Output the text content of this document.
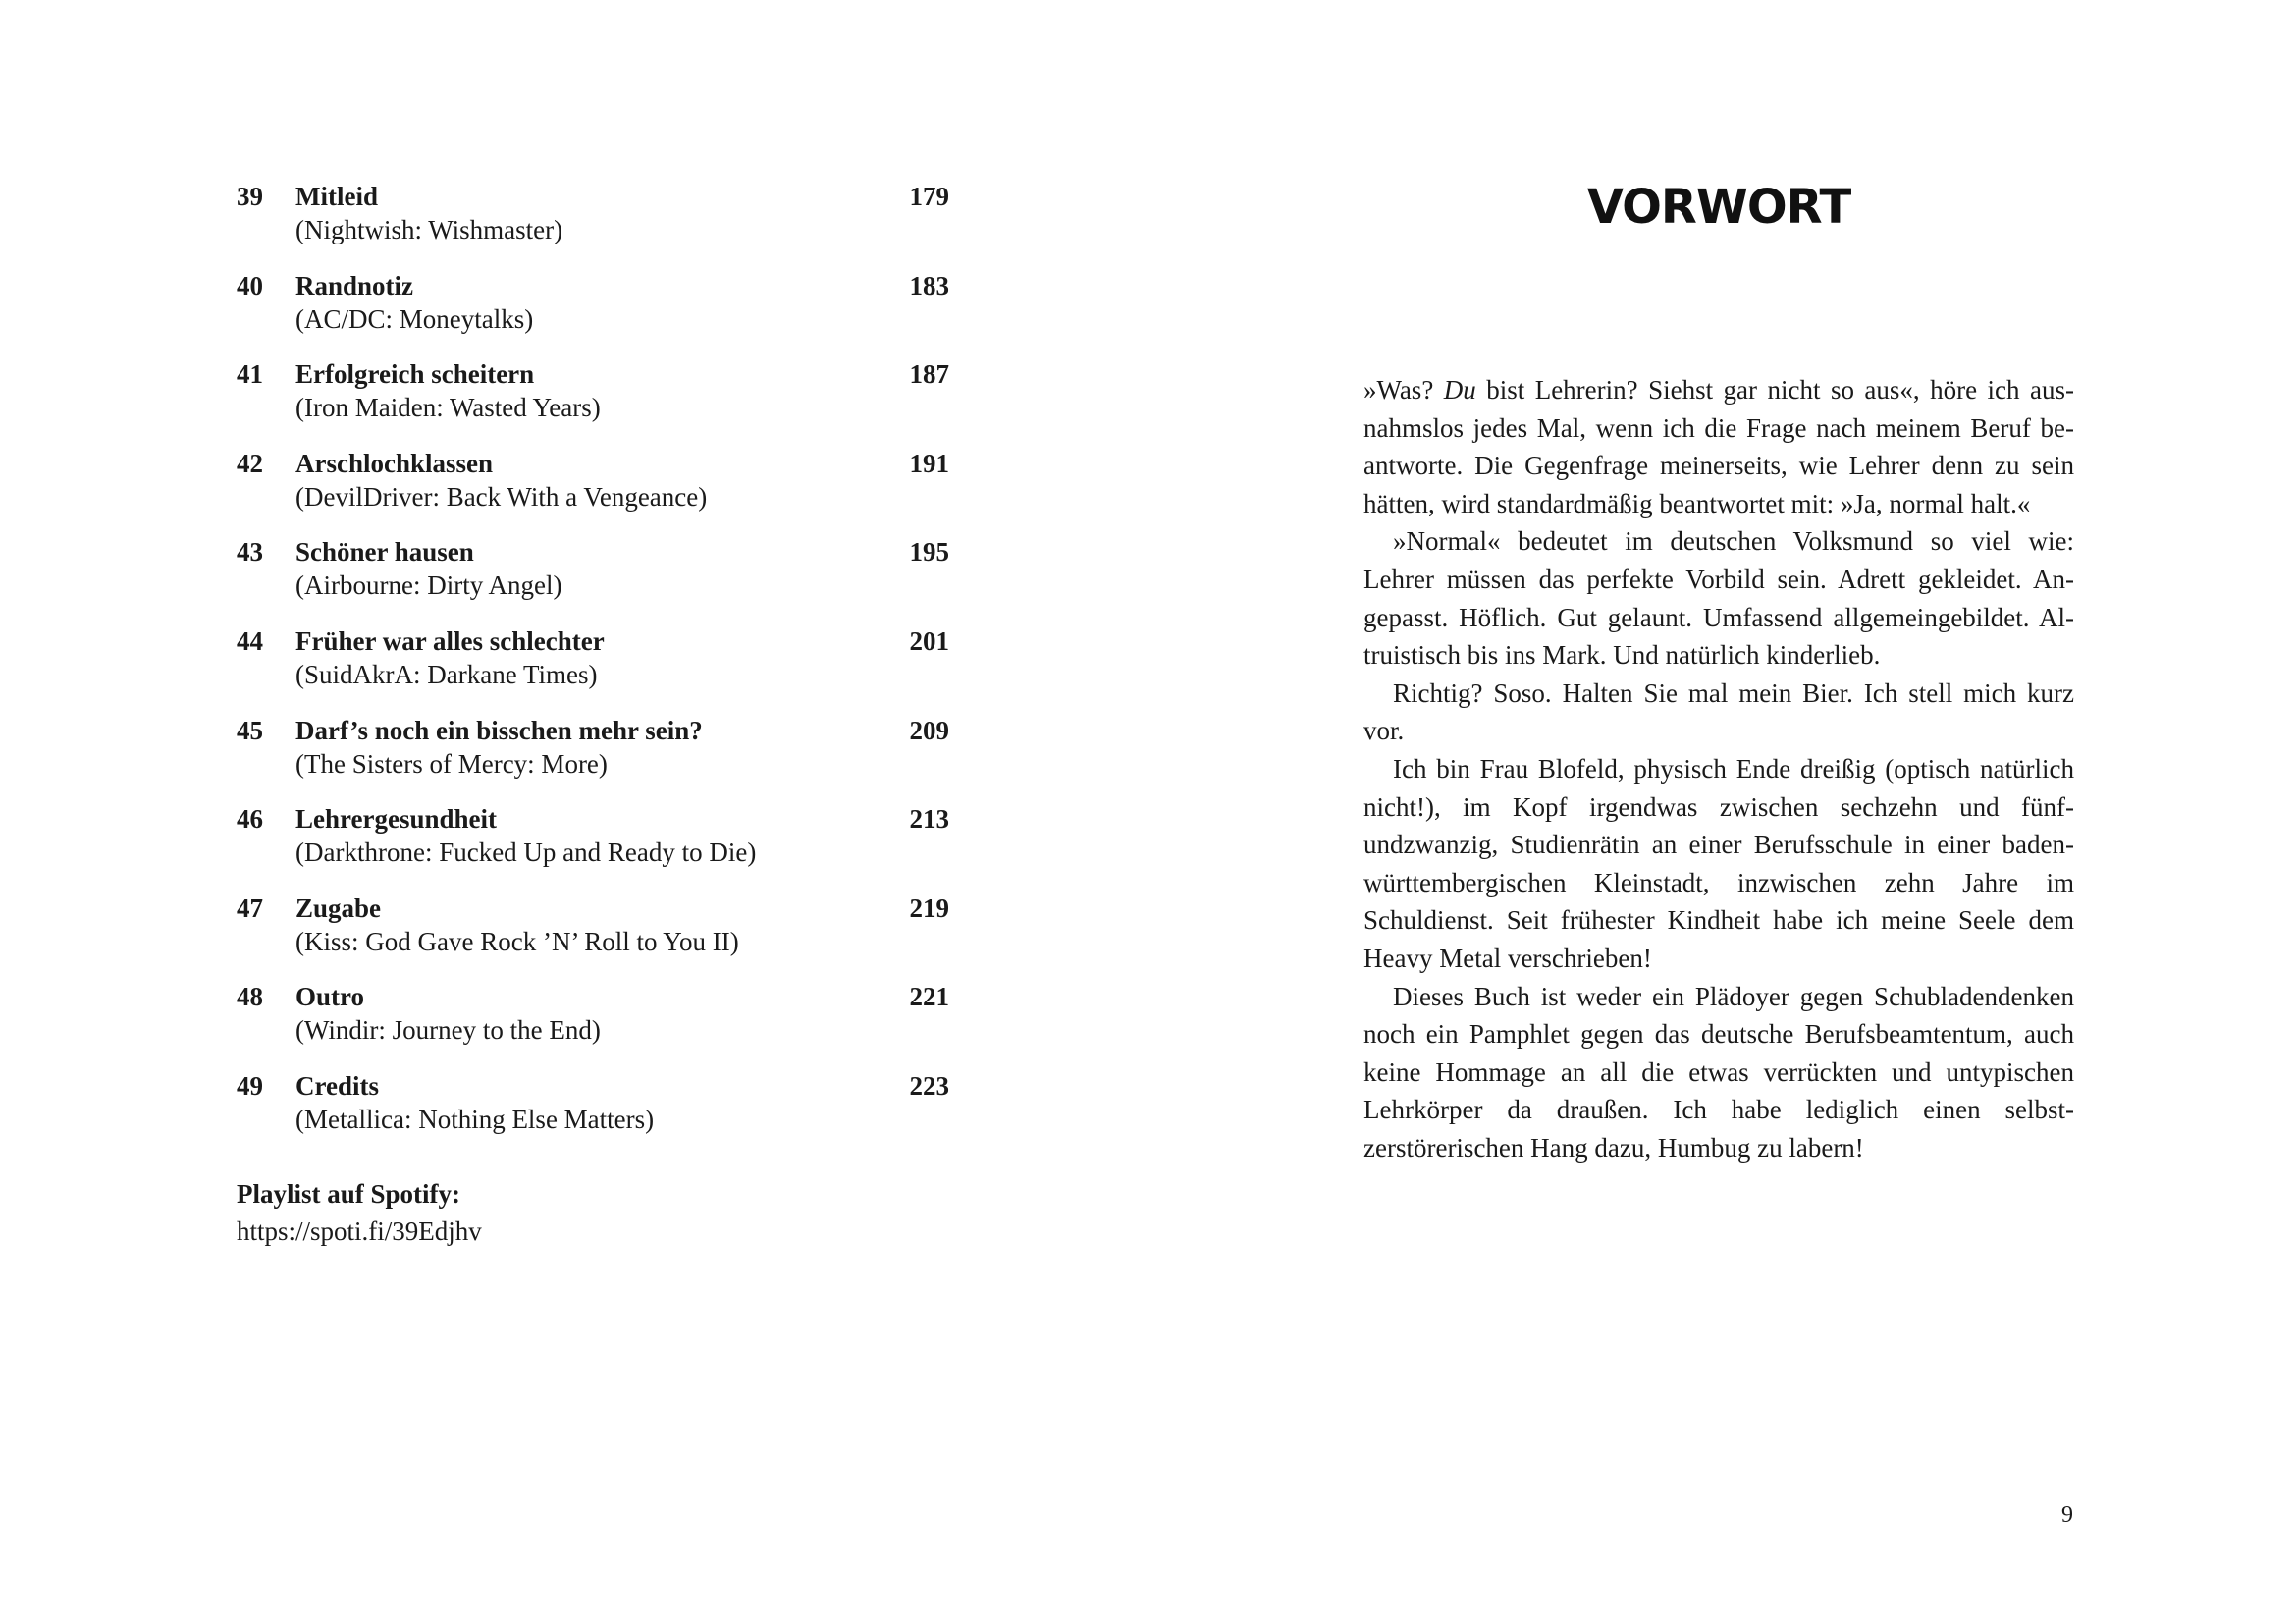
39 Mitleid	179
(Nightwish: Wishmaster)
40 Randnotiz	183
(AC/DC: Moneytalks)
41 Erfolgreich scheitern	187
(Iron Maiden: Wasted Years)
42 Arschlochklassen	191
(DevilDriver: Back With a Vengeance)
43 Schöner hausen	195
(Airbourne: Dirty Angel)
44 Früher war alles schlechter	201
(SuidAkrA: Darkane Times)
45 Darf’s noch ein bisschen mehr sein?	209
(The Sisters of Mercy: More)
46 Lehrergesundheit	213
(Darkthrone: Fucked Up and Ready to Die)
47 Zugabe	219
(Kiss: God Gave Rock ’N’ Roll to You II)
48 Outro	221
(Windir: Journey to the End)
49 Credits	223
(Metallica: Nothing Else Matters)
Playlist auf Spotify:
https://spoti.fi/39Edjhv
VORWORT

»Was? Du bist Lehrerin? Siehst gar nicht so aus«, höre ich ausnahmslos jedes Mal, wenn ich die Frage nach meinem Beruf beantworte. Die Gegenfrage meinerseits, wie Lehrer denn zu sein hätten, wird standardmäßig beantwortet mit: »Ja, normal halt.«

»Normal« bedeutet im deutschen Volksmund so viel wie: Lehrer müssen das perfekte Vorbild sein. Adrett gekleidet. Angepasst. Höflich. Gut gelaunt. Umfassend allgemeingebildet. Altruistisch bis ins Mark. Und natürlich kinderlieb.

Richtig? Soso. Halten Sie mal mein Bier. Ich stell mich kurz vor.

Ich bin Frau Blofeld, physisch Ende dreißig (optisch natürlich nicht!), im Kopf irgendwas zwischen sechzehn und fünfundzwanzig, Studienrätin an einer Berufsschule in einer baden-württembergischen Kleinstadt, inzwischen zehn Jahre im Schuldienst. Seit frühester Kindheit habe ich meine Seele dem Heavy Metal verschrieben!

Dieses Buch ist weder ein Plädoyer gegen Schubladendenken noch ein Pamphlet gegen das deutsche Berufsbeamtentum, auch keine Hommage an all die etwas verrückten und untypischen Lehrkörper da draußen. Ich habe lediglich einen selbstzerstörerischen Hang dazu, Humbug zu labern!

9
